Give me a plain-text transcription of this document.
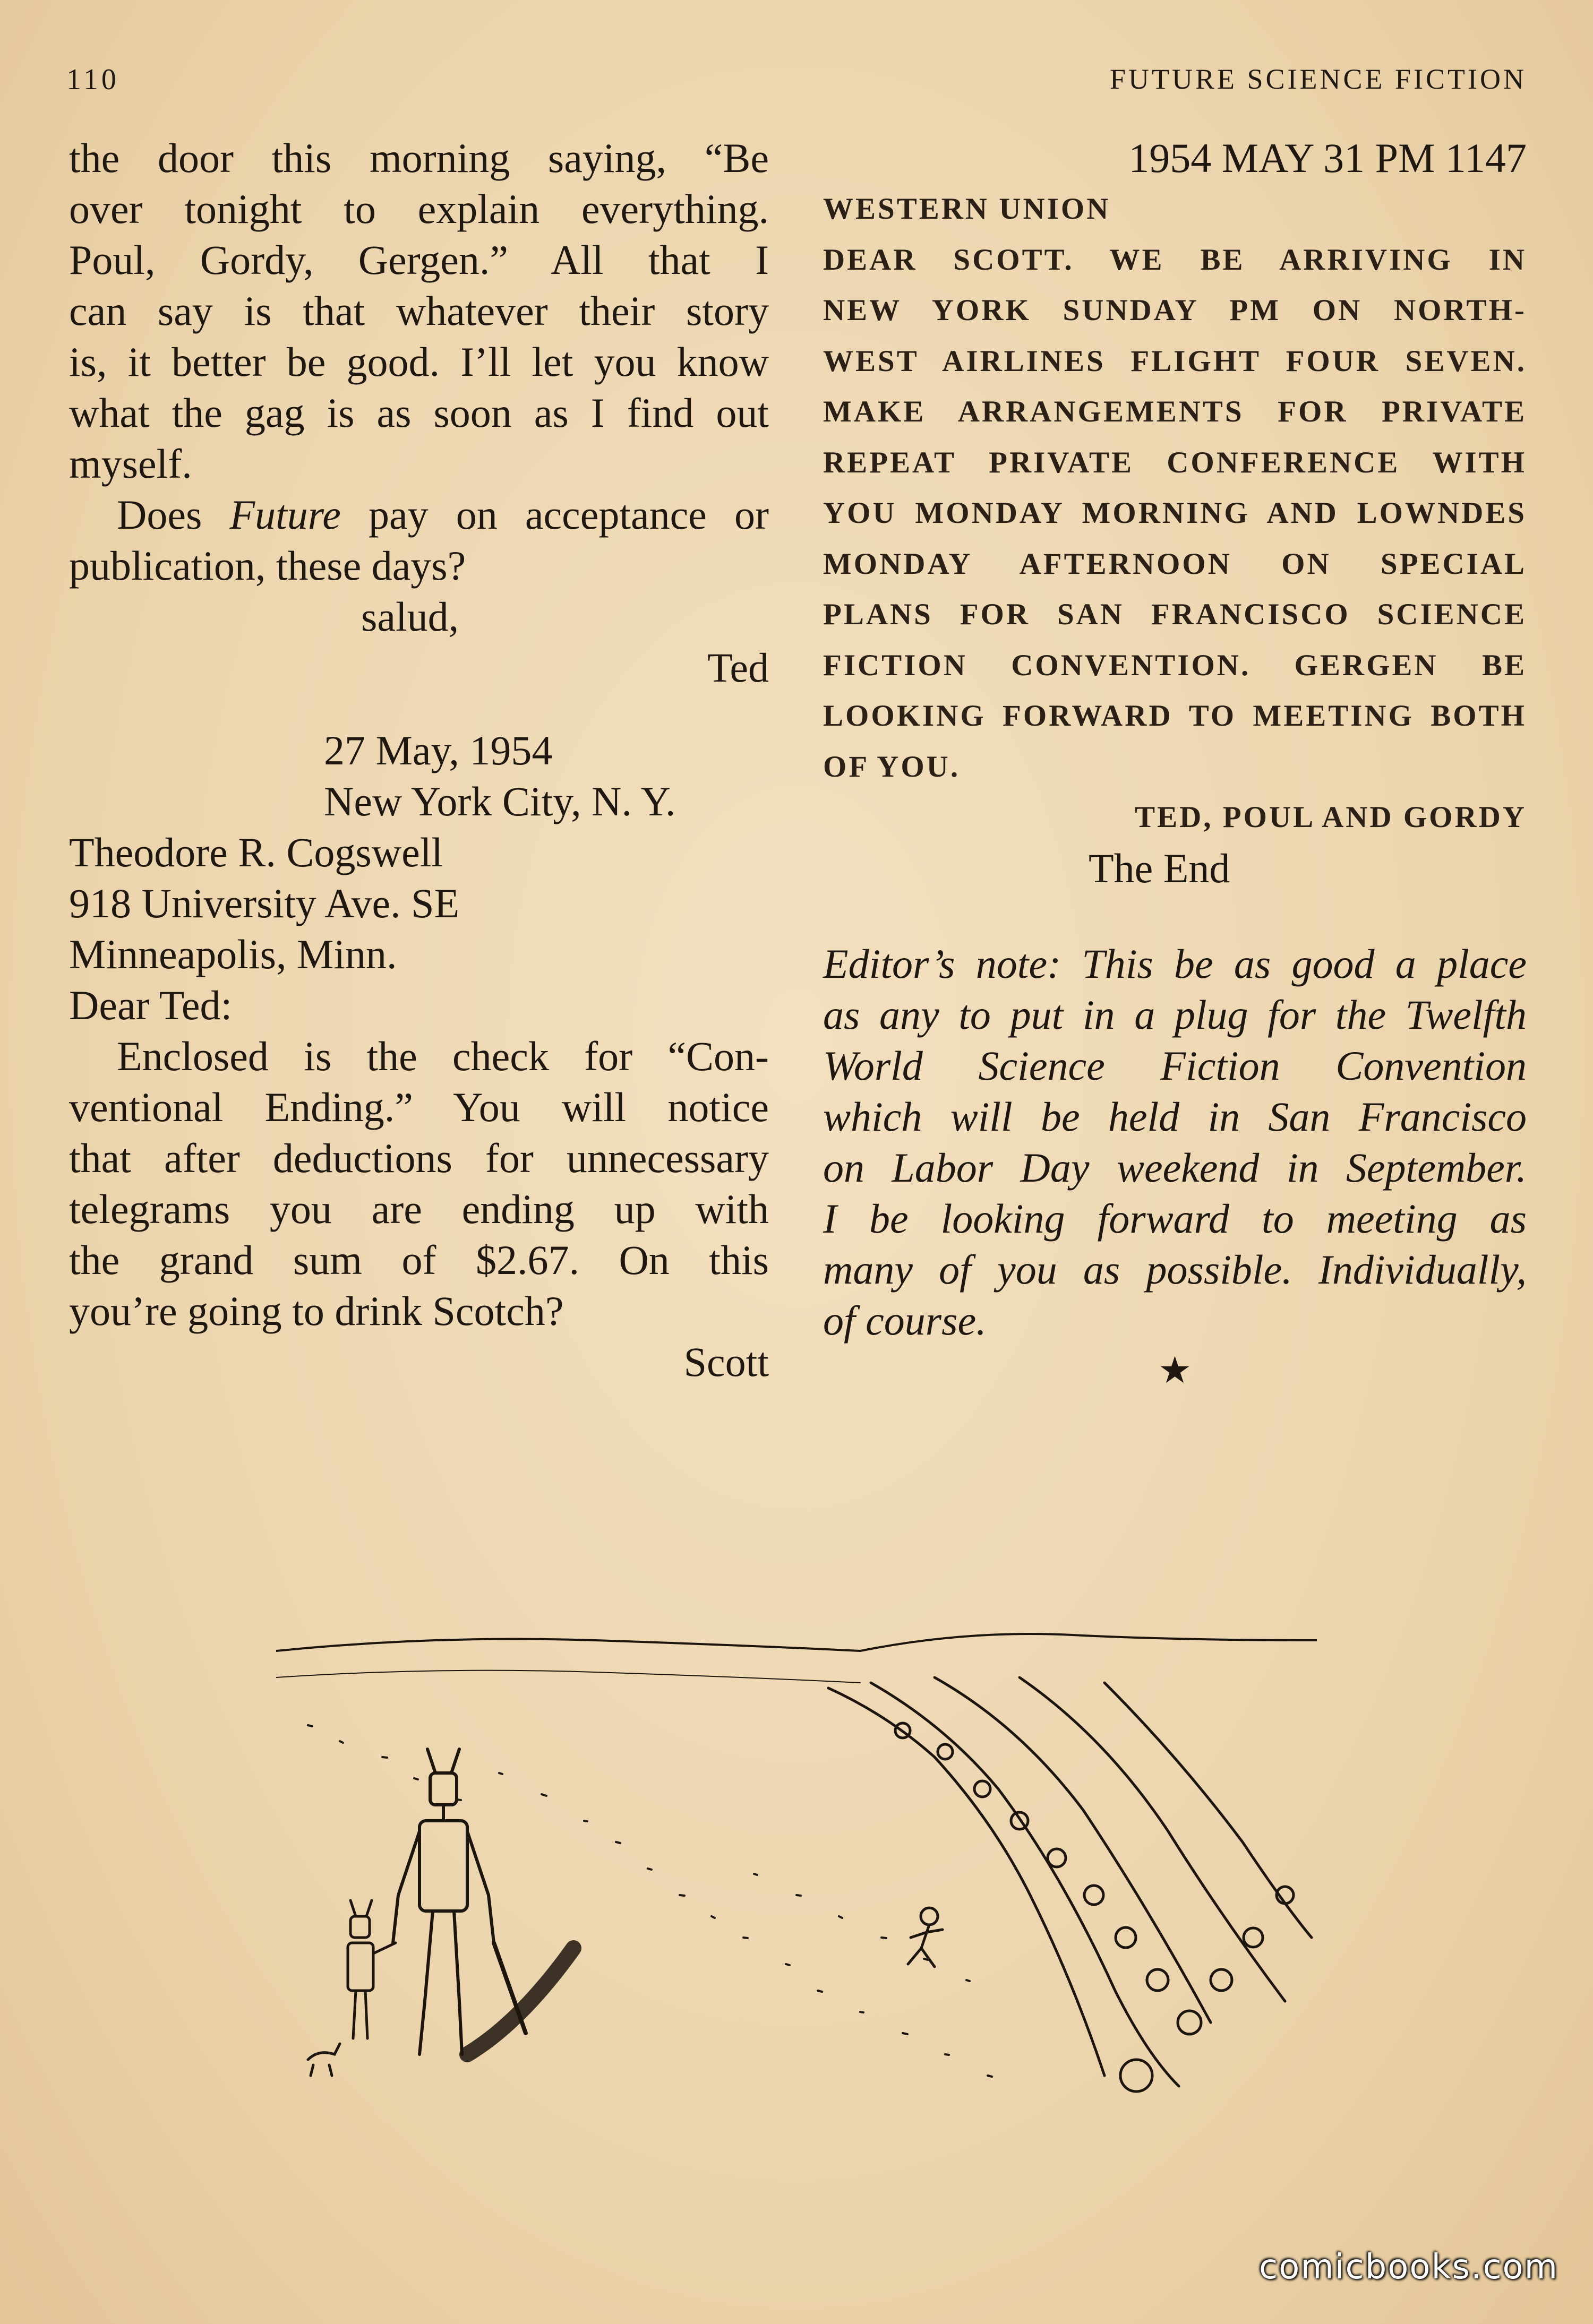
110	FUTURE SCIENCE FICTION

the door this morning saying, “Be

over tonight to explain everything.

Poul, Gordy, Gergen.” All that I

can say is that whatever their story

is, it better be good. I’ll let you know

what the gag is as soon as I find out

myself.

Does Future pay on acceptance or

publication, these days?

salud,

Ted

27 May, 1954

New York City, N. Y.

Theodore R. Cogswell

918 University Ave. SE

Minneapolis, Minn.

Dear Ted:

Enclosed is the check for “Con-

ventional Ending.” You will notice

that after deductions for unnecessary

telegrams you are ending up with

the grand sum of $2.67. On this

you’re going to drink Scotch?

Scott

1954 MAY 31 PM 1147

WESTERN UNION

DEAR SCOTT. WE BE ARRIVING IN

NEW YORK SUNDAY PM ON NORTH-

WEST AIRLINES FLIGHT FOUR SEVEN.

MAKE ARRANGEMENTS FOR PRIVATE

REPEAT PRIVATE CONFERENCE WITH

YOU MONDAY MORNING AND LOWNDES

MONDAY AFTERNOON ON SPECIAL

PLANS FOR SAN FRANCISCO SCIENCE

FICTION CONVENTION. GERGEN BE

LOOKING FORWARD TO MEETING BOTH

OF YOU.

TED, POUL AND GORDY

The End

Editor’s note: This be as good a place

as any to put in a plug for the Twelfth

World Science Fiction Convention

which will be held in San Francisco

on Labor Day weekend in September.

I be looking forward to meeting as

many of you as possible. Individually,

of course.

★
comicbooks.com
